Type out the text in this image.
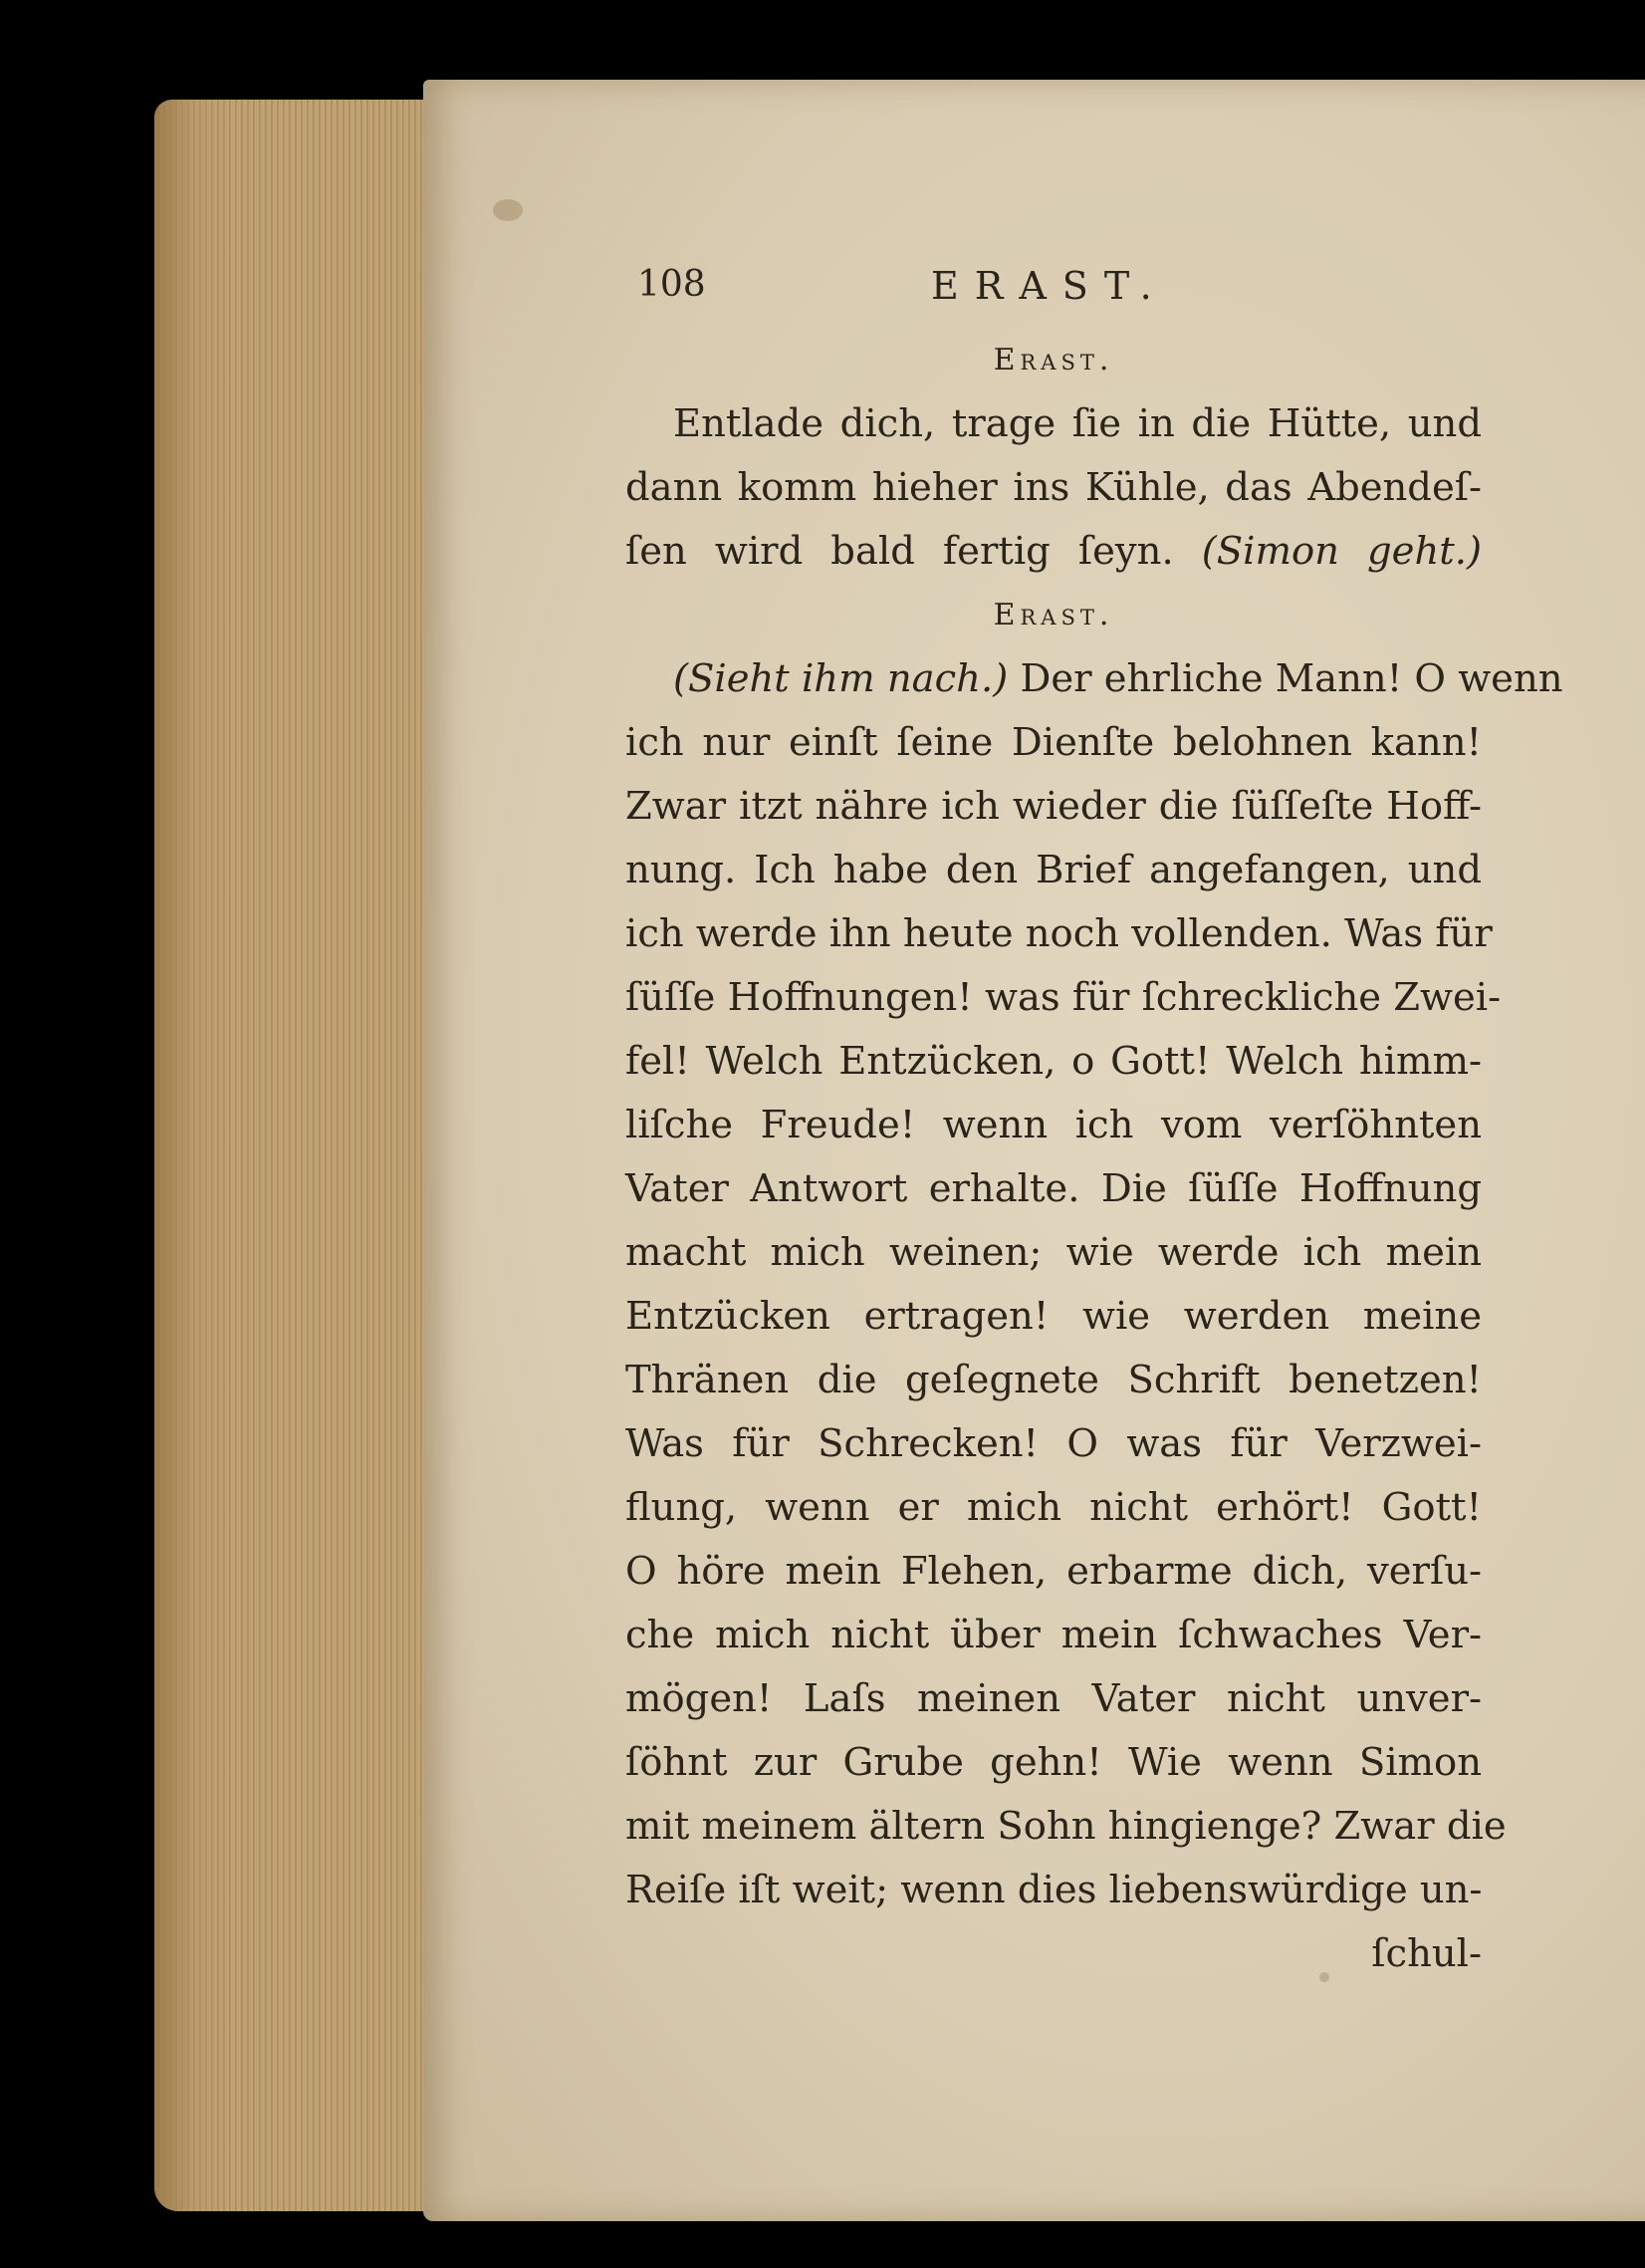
108	ERAST.
Erast.
Entlade dich, trage ſie in die Hütte, und
dann komm hieher ins Kühle, das Abendeſ-
ſen wird bald fertig ſeyn. (Simon geht.)
Erast.
(Sieht ihm nach.) Der ehrliche Mann! O wenn
ich nur einſt ſeine Dienſte belohnen kann!
Zwar itzt nähre ich wieder die ſüſſeſte Hoff-
nung. Ich habe den Brief angefangen, und
ich werde ihn heute noch vollenden. Was für
ſüſſe Hoffnungen! was für ſchreckliche Zwei-
fel! Welch Entzücken, o Gott! Welch himm-
liſche Freude! wenn ich vom verſöhnten
Vater Antwort erhalte. Die ſüſſe Hoffnung
macht mich weinen; wie werde ich mein
Entzücken ertragen! wie werden meine
Thränen die geſegnete Schrift benetzen!
Was für Schrecken! O was für Verzwei-
flung, wenn er mich nicht erhört! Gott!
O höre mein Flehen, erbarme dich, verſu-
che mich nicht über mein ſchwaches Ver-
mögen! Laſs meinen Vater nicht unver-
ſöhnt zur Grube gehn! Wie wenn Simon
mit meinem ältern Sohn hingienge? Zwar die
Reiſe iſt weit; wenn dies liebenswürdige un-
ſchul-
